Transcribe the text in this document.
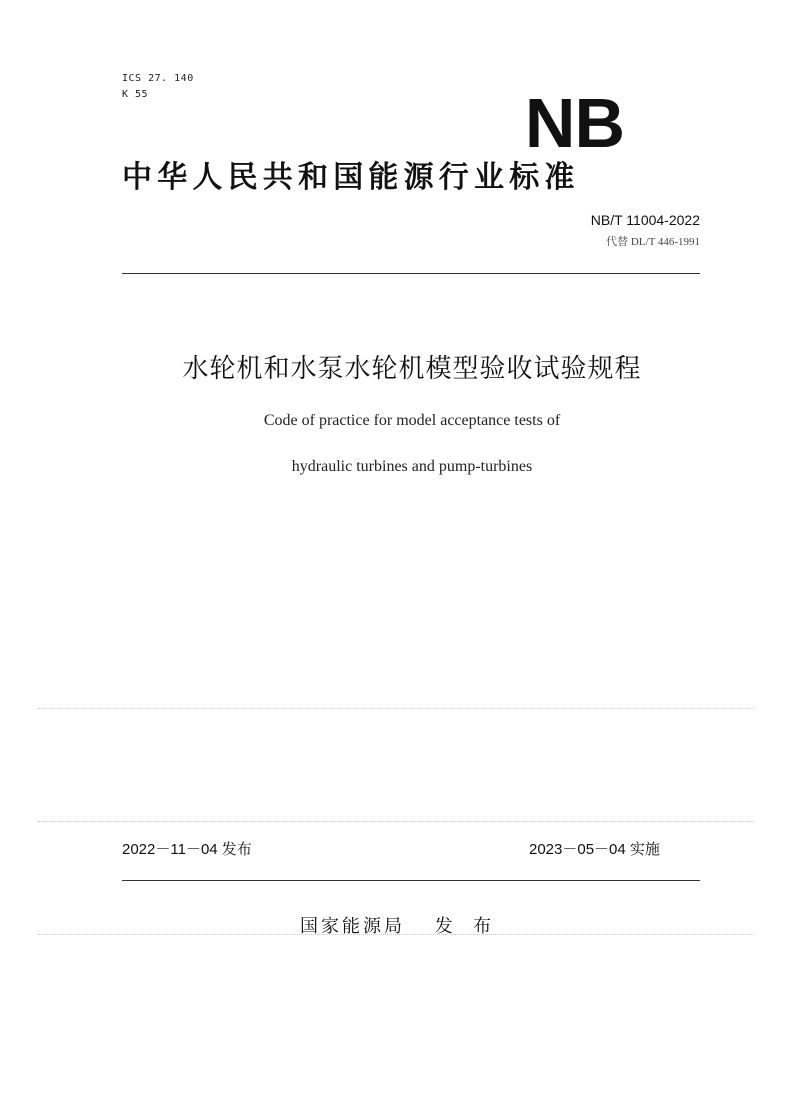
ICS 27. 140
K 55	NB
中华人民共和国能源行业标准
NB/T 11004-2022
代替 DL/T 446-1991
水轮机和水泵水轮机模型验收试验规程
Code of practice for model acceptance tests of
hydraulic turbines and pump-turbines
2022－11－04 发布	2023－05－04 实施
国家能源局　 发  布
